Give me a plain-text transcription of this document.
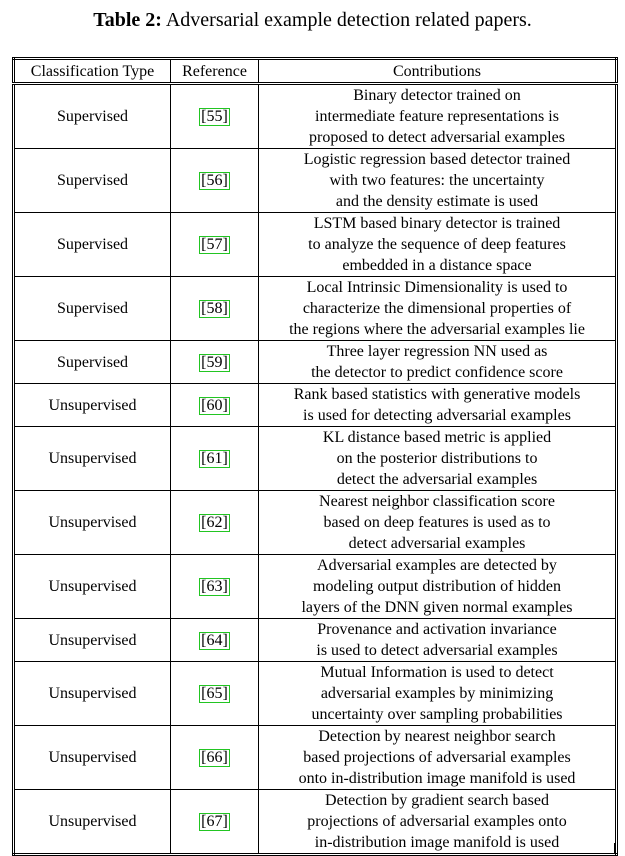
Table 2: Adversarial example detection related papers.
Classification Type	Reference	Contributions
Supervised	[55]	Binary detector trained on
intermediate feature representations is
proposed to detect adversarial examples
Supervised	[56]	Logistic regression based detector trained
with two features: the uncertainty
and the density estimate is used
Supervised	[57]	LSTM based binary detector is trained
to analyze the sequence of deep features
embedded in a distance space
Supervised	[58]	Local Intrinsic Dimensionality is used to
characterize the dimensional properties of
the regions where the adversarial examples lie
Supervised	[59]	Three layer regression NN used as
the detector to predict confidence score
Unsupervised	[60]	Rank based statistics with generative models
is used for detecting adversarial examples
Unsupervised	[61]	KL distance based metric is applied
on the posterior distributions to
detect the adversarial examples
Unsupervised	[62]	Nearest neighbor classification score
based on deep features is used as to
detect adversarial examples
Unsupervised	[63]	Adversarial examples are detected by
modeling output distribution of hidden
layers of the DNN given normal examples
Unsupervised	[64]	Provenance and activation invariance
is used to detect adversarial examples
Unsupervised	[65]	Mutual Information is used to detect
adversarial examples by minimizing
uncertainty over sampling probabilities
Unsupervised	[66]	Detection by nearest neighbor search
based projections of adversarial examples
onto in-distribution image manifold is used
Unsupervised	[67]	Detection by gradient search based
projections of adversarial examples onto
in-distribution image manifold is used
